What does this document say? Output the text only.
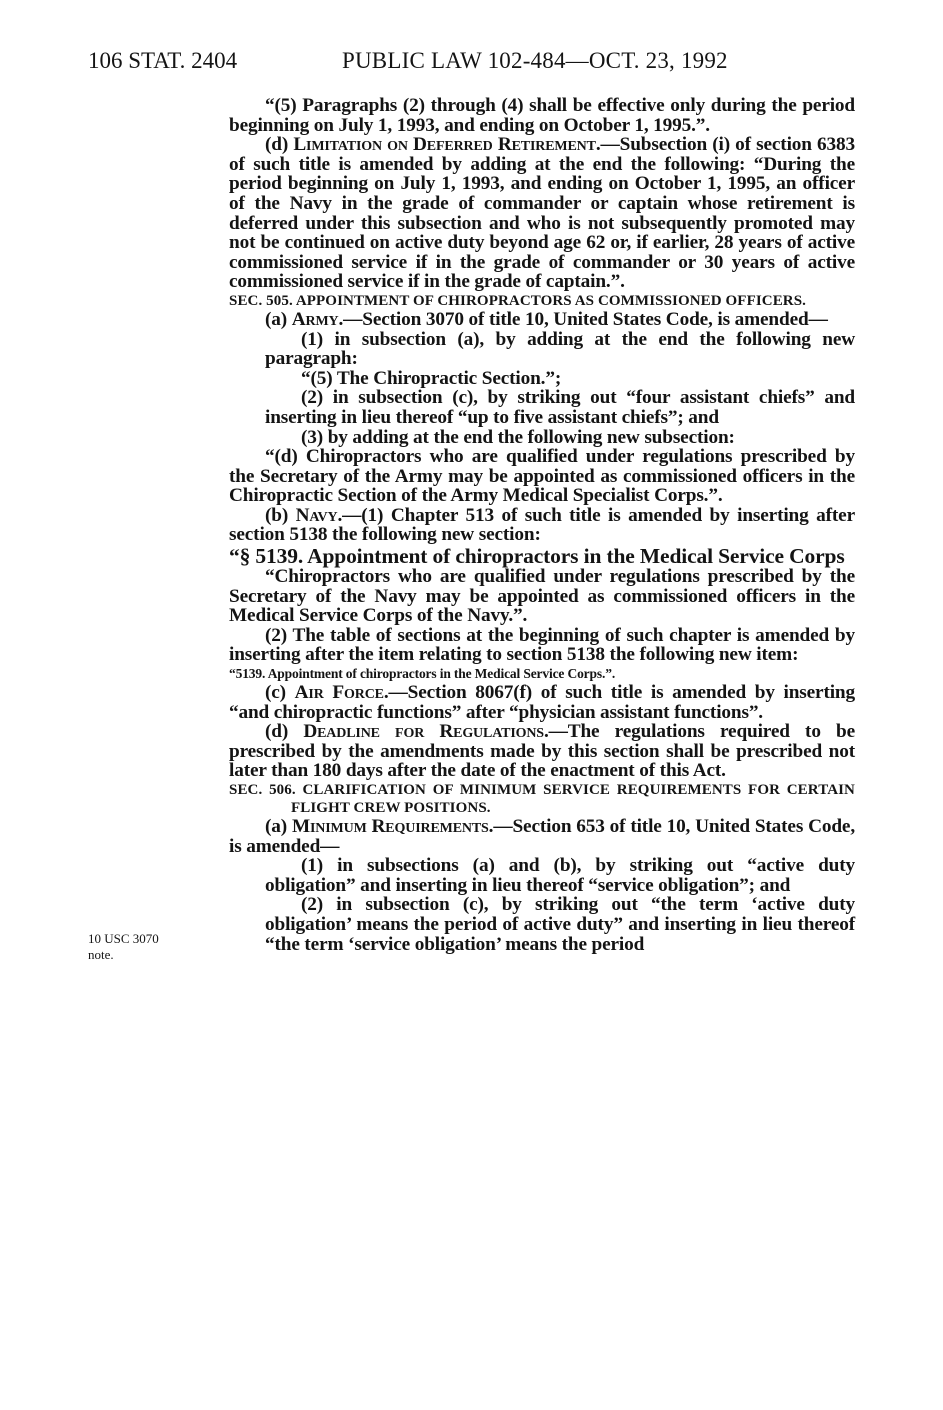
106 STAT. 2404	PUBLIC LAW 102-484—OCT. 23, 1992
10 USC 3070
note.

“(5) Paragraphs (2) through (4) shall be effective only during the period beginning on July 1, 1993, and ending on October 1, 1995.”.

(d) Limitation on Deferred Retirement.—Subsection (i) of section 6383 of such title is amended by adding at the end the following: “During the period beginning on July 1, 1993, and ending on October 1, 1995, an officer of the Navy in the grade of commander or captain whose retirement is deferred under this subsection and who is not subsequently promoted may not be continued on active duty beyond age 62 or, if earlier, 28 years of active commissioned service if in the grade of commander or 30 years of active commissioned service if in the grade of captain.”.

SEC. 505. APPOINTMENT OF CHIROPRACTORS AS COMMISSIONED OFFICERS.

(a) Army.—Section 3070 of title 10, United States Code, is amended—

(1) in subsection (a), by adding at the end the following new paragraph:

“(5) The Chiropractic Section.”;

(2) in subsection (c), by striking out “four assistant chiefs” and inserting in lieu thereof “up to five assistant chiefs”; and

(3) by adding at the end the following new subsection:

“(d) Chiropractors who are qualified under regulations prescribed by the Secretary of the Army may be appointed as commissioned officers in the Chiropractic Section of the Army Medical Specialist Corps.”.

(b) Navy.—(1) Chapter 513 of such title is amended by inserting after section 5138 the following new section:

“§ 5139. Appointment of chiropractors in the Medical Service Corps

“Chiropractors who are qualified under regulations prescribed by the Secretary of the Navy may be appointed as commissioned officers in the Medical Service Corps of the Navy.”.

(2) The table of sections at the beginning of such chapter is amended by inserting after the item relating to section 5138 the following new item:

“5139. Appointment of chiropractors in the Medical Service Corps.”.

(c) Air Force.—Section 8067(f) of such title is amended by inserting “and chiropractic functions” after “physician assistant functions”.

(d) Deadline for Regulations.—The regulations required to be prescribed by the amendments made by this section shall be prescribed not later than 180 days after the date of the enactment of this Act.

SEC. 506. CLARIFICATION OF MINIMUM SERVICE REQUIREMENTS FOR CERTAIN FLIGHT CREW POSITIONS.

(a) Minimum Requirements.—Section 653 of title 10, United States Code, is amended—

(1) in subsections (a) and (b), by striking out “active duty obligation” and inserting in lieu thereof “service obligation”; and

(2) in subsection (c), by striking out “the term ‘active duty obligation’ means the period of active duty” and inserting in lieu thereof “the term ‘service obligation’ means the period
